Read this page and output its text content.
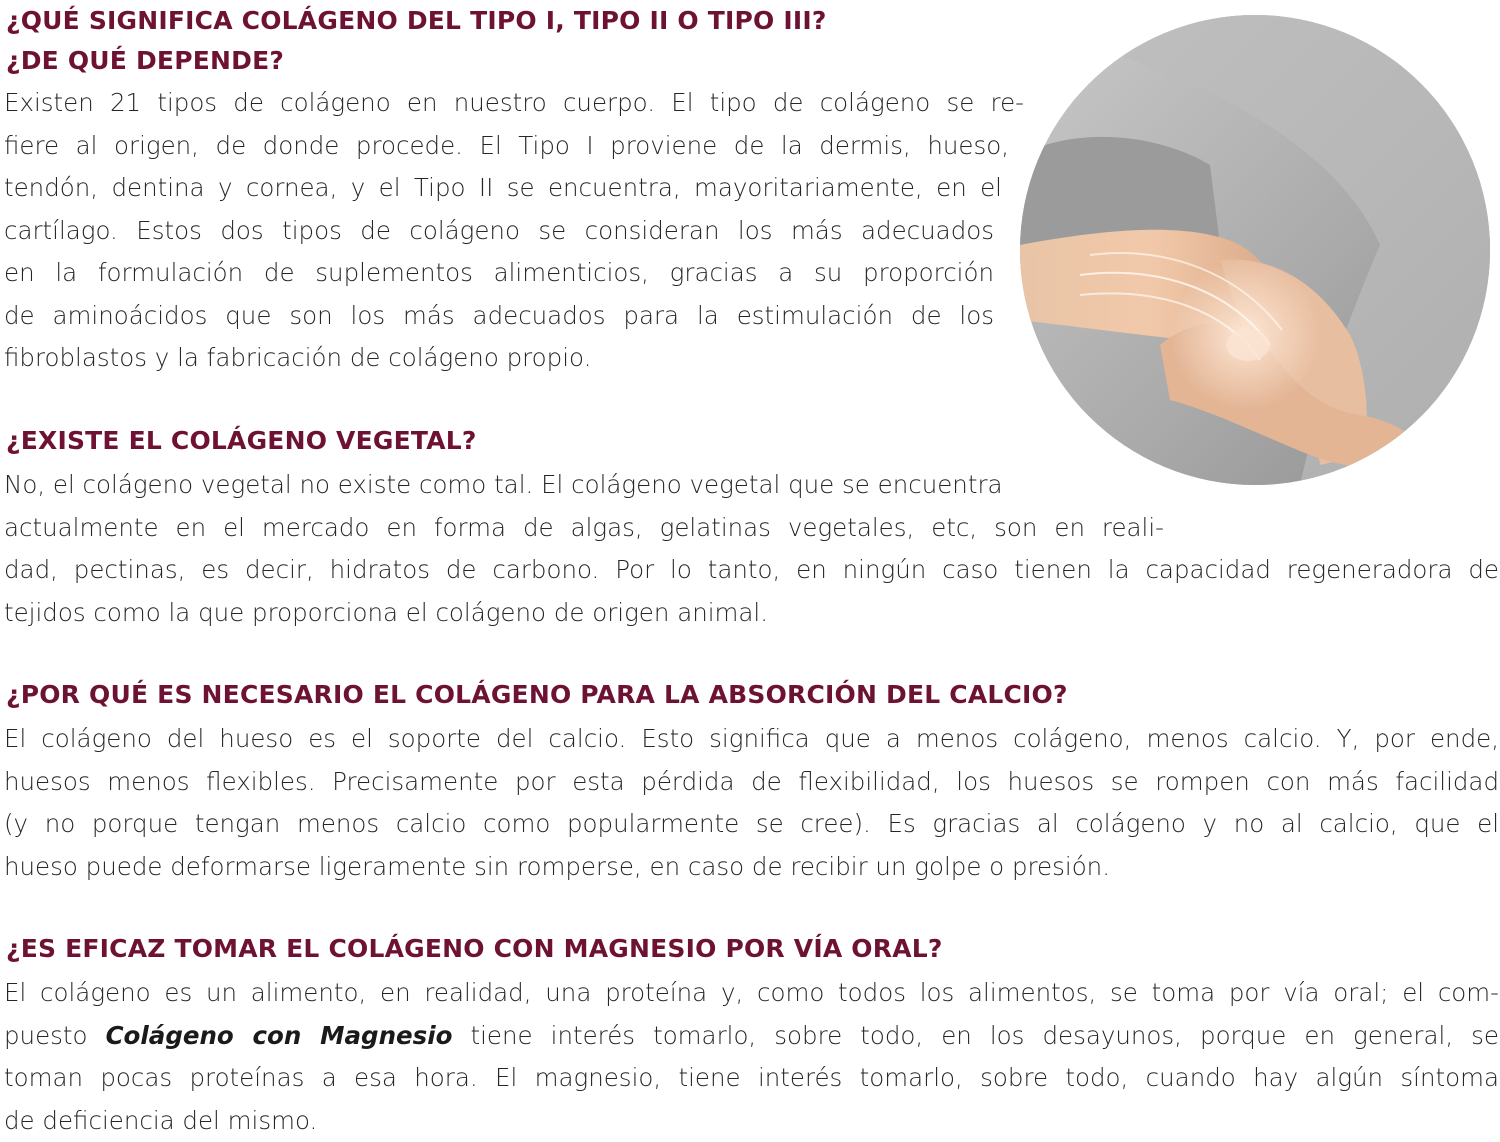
¿QUÉ SIGNIFICA COLÁGENO DEL TIPO I, TIPO II O TIPO III?
¿DE QUÉ DEPENDE?
Existen 21 tipos de colágeno en nuestro cuerpo. El tipo de colágeno se re-
fiere al origen, de donde procede. El Tipo I proviene de la dermis, hueso,
tendón, dentina y cornea, y el Tipo II se encuentra, mayoritariamente, en el
cartílago. Estos dos tipos de colágeno se consideran los más adecuados
en la formulación de suplementos alimenticios, gracias a su proporción
de aminoácidos que son los más adecuados para la estimulación de los
fibroblastos y la fabricación de colágeno propio.
¿EXISTE EL COLÁGENO VEGETAL?
No, el colágeno vegetal no existe como tal. El colágeno vegetal que se encuentra
actualmente en el mercado en forma de algas, gelatinas vegetales, etc, son en reali-
dad, pectinas, es decir, hidratos de carbono. Por lo tanto, en ningún caso tienen la capacidad regeneradora de
tejidos como la que proporciona el colágeno de origen animal.
¿POR QUÉ ES NECESARIO EL COLÁGENO PARA LA ABSORCIÓN DEL CALCIO?
El colágeno del hueso es el soporte del calcio. Esto significa que a menos colágeno, menos calcio. Y, por ende,
huesos menos flexibles. Precisamente por esta pérdida de flexibilidad, los huesos se rompen con más facilidad
(y no porque tengan menos calcio como popularmente se cree). Es gracias al colágeno y no al calcio, que el
hueso puede deformarse ligeramente sin romperse, en caso de recibir un golpe o presión.
¿ES EFICAZ TOMAR EL COLÁGENO CON MAGNESIO POR VÍA ORAL?
El colágeno es un alimento, en realidad, una proteína y, como todos los alimentos, se toma por vía oral; el com-
puesto Colágeno con Magnesio tiene interés tomarlo, sobre todo, en los desayunos, porque en general, se
toman pocas proteínas a esa hora. El magnesio, tiene interés tomarlo, sobre todo, cuando hay algún síntoma
de deficiencia del mismo.
